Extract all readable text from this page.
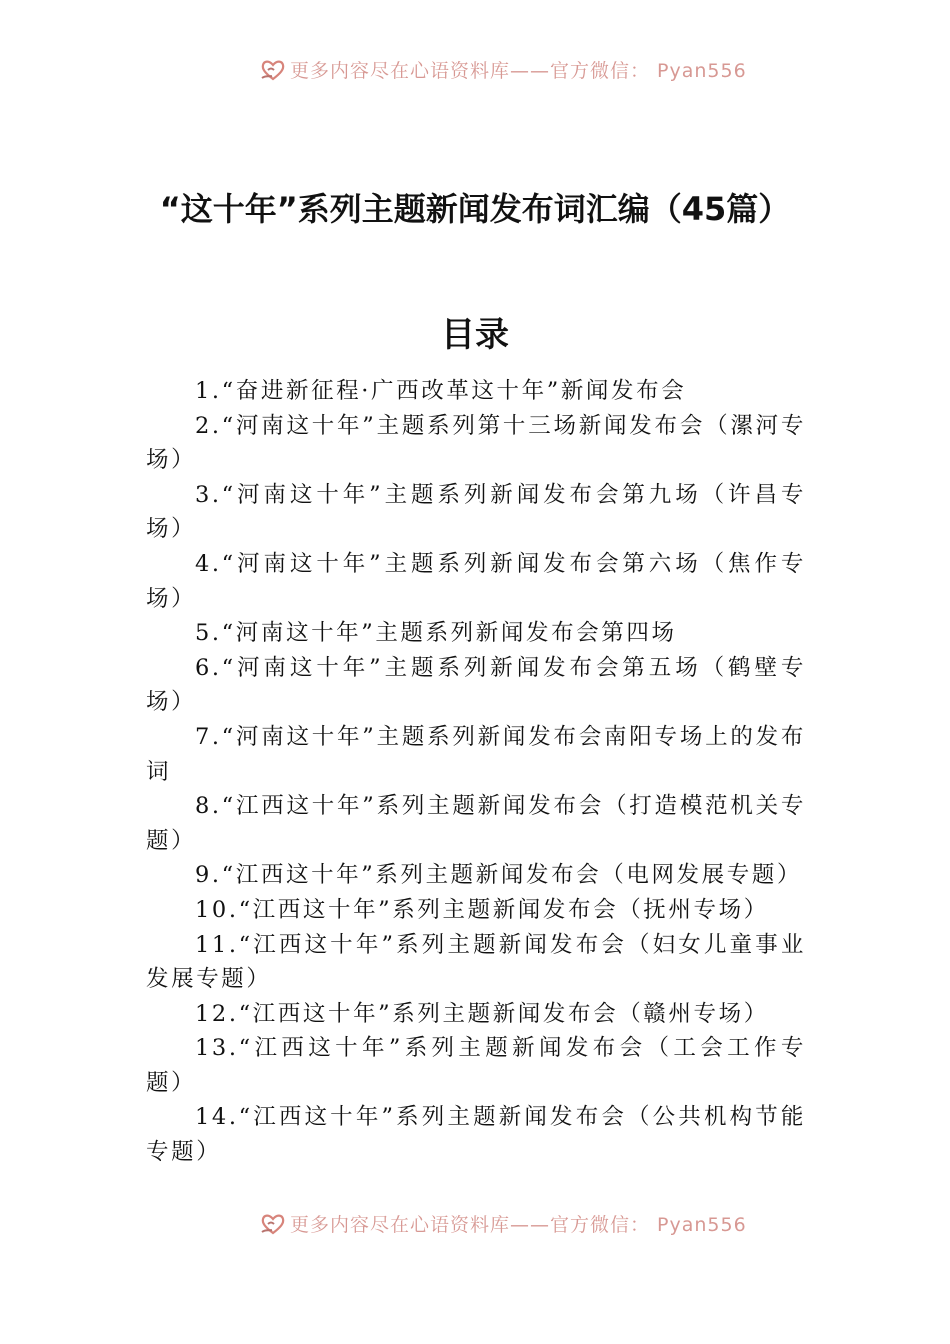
更多内容尽在心语资料库——官方微信： Pyan556
“这十年”系列主题新闻发布词汇编（45篇）
目录
1.“奋进新征程·广西改革这十年”新闻发布会
2.“河南这十年”主题系列第十三场新闻发布会（漯河专场）
3.“河南这十年”主题系列新闻发布会第九场（许昌专场）
4.“河南这十年”主题系列新闻发布会第六场（焦作专场）
5.“河南这十年”主题系列新闻发布会第四场
6.“河南这十年”主题系列新闻发布会第五场（鹤壁专场）
7.“河南这十年”主题系列新闻发布会南阳专场上的发布词
8.“江西这十年”系列主题新闻发布会（打造模范机关专题）
9.“江西这十年”系列主题新闻发布会（电网发展专题）
10.“江西这十年”系列主题新闻发布会（抚州专场）
11.“江西这十年”系列主题新闻发布会（妇女儿童事业发展专题）
12.“江西这十年”系列主题新闻发布会（赣州专场）
13.“江西这十年”系列主题新闻发布会（工会工作专题）
14.“江西这十年”系列主题新闻发布会（公共机构节能专题）
更多内容尽在心语资料库——官方微信： Pyan556
